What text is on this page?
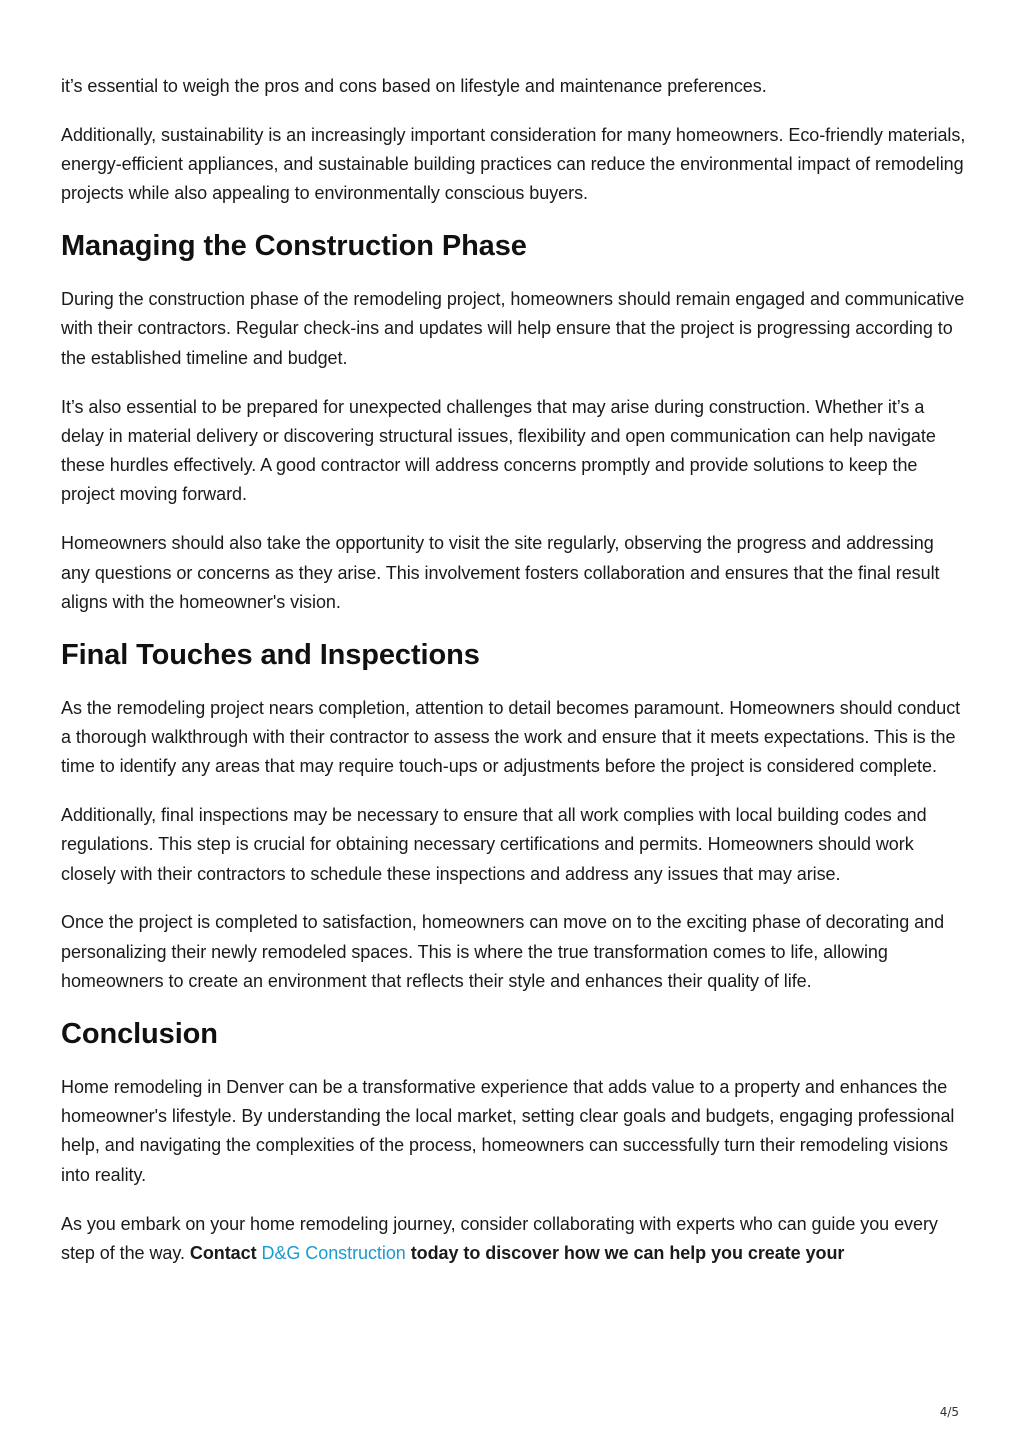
it’s essential to weigh the pros and cons based on lifestyle and maintenance preferences.

Additionally, sustainability is an increasingly important consideration for many homeowners. Eco-friendly materials, energy-efficient appliances, and sustainable building practices can reduce the environmental impact of remodeling projects while also appealing to environmentally conscious buyers.

Managing the Construction Phase

During the construction phase of the remodeling project, homeowners should remain engaged and communicative with their contractors. Regular check-ins and updates will help ensure that the project is progressing according to the established timeline and budget.

It’s also essential to be prepared for unexpected challenges that may arise during construction. Whether it’s a delay in material delivery or discovering structural issues, flexibility and open communication can help navigate these hurdles effectively. A good contractor will address concerns promptly and provide solutions to keep the project moving forward.

Homeowners should also take the opportunity to visit the site regularly, observing the progress and addressing any questions or concerns as they arise. This involvement fosters collaboration and ensures that the final result aligns with the homeowner's vision.

Final Touches and Inspections

As the remodeling project nears completion, attention to detail becomes paramount. Homeowners should conduct a thorough walkthrough with their contractor to assess the work and ensure that it meets expectations. This is the time to identify any areas that may require touch-ups or adjustments before the project is considered complete.

Additionally, final inspections may be necessary to ensure that all work complies with local building codes and regulations. This step is crucial for obtaining necessary certifications and permits. Homeowners should work closely with their contractors to schedule these inspections and address any issues that may arise.

Once the project is completed to satisfaction, homeowners can move on to the exciting phase of decorating and personalizing their newly remodeled spaces. This is where the true transformation comes to life, allowing homeowners to create an environment that reflects their style and enhances their quality of life.

Conclusion

Home remodeling in Denver can be a transformative experience that adds value to a property and enhances the homeowner's lifestyle. By understanding the local market, setting clear goals and budgets, engaging professional help, and navigating the complexities of the process, homeowners can successfully turn their remodeling visions into reality.

As you embark on your home remodeling journey, consider collaborating with experts who can guide you every step of the way. Contact D&G Construction today to discover how we can help you create your

4/5
